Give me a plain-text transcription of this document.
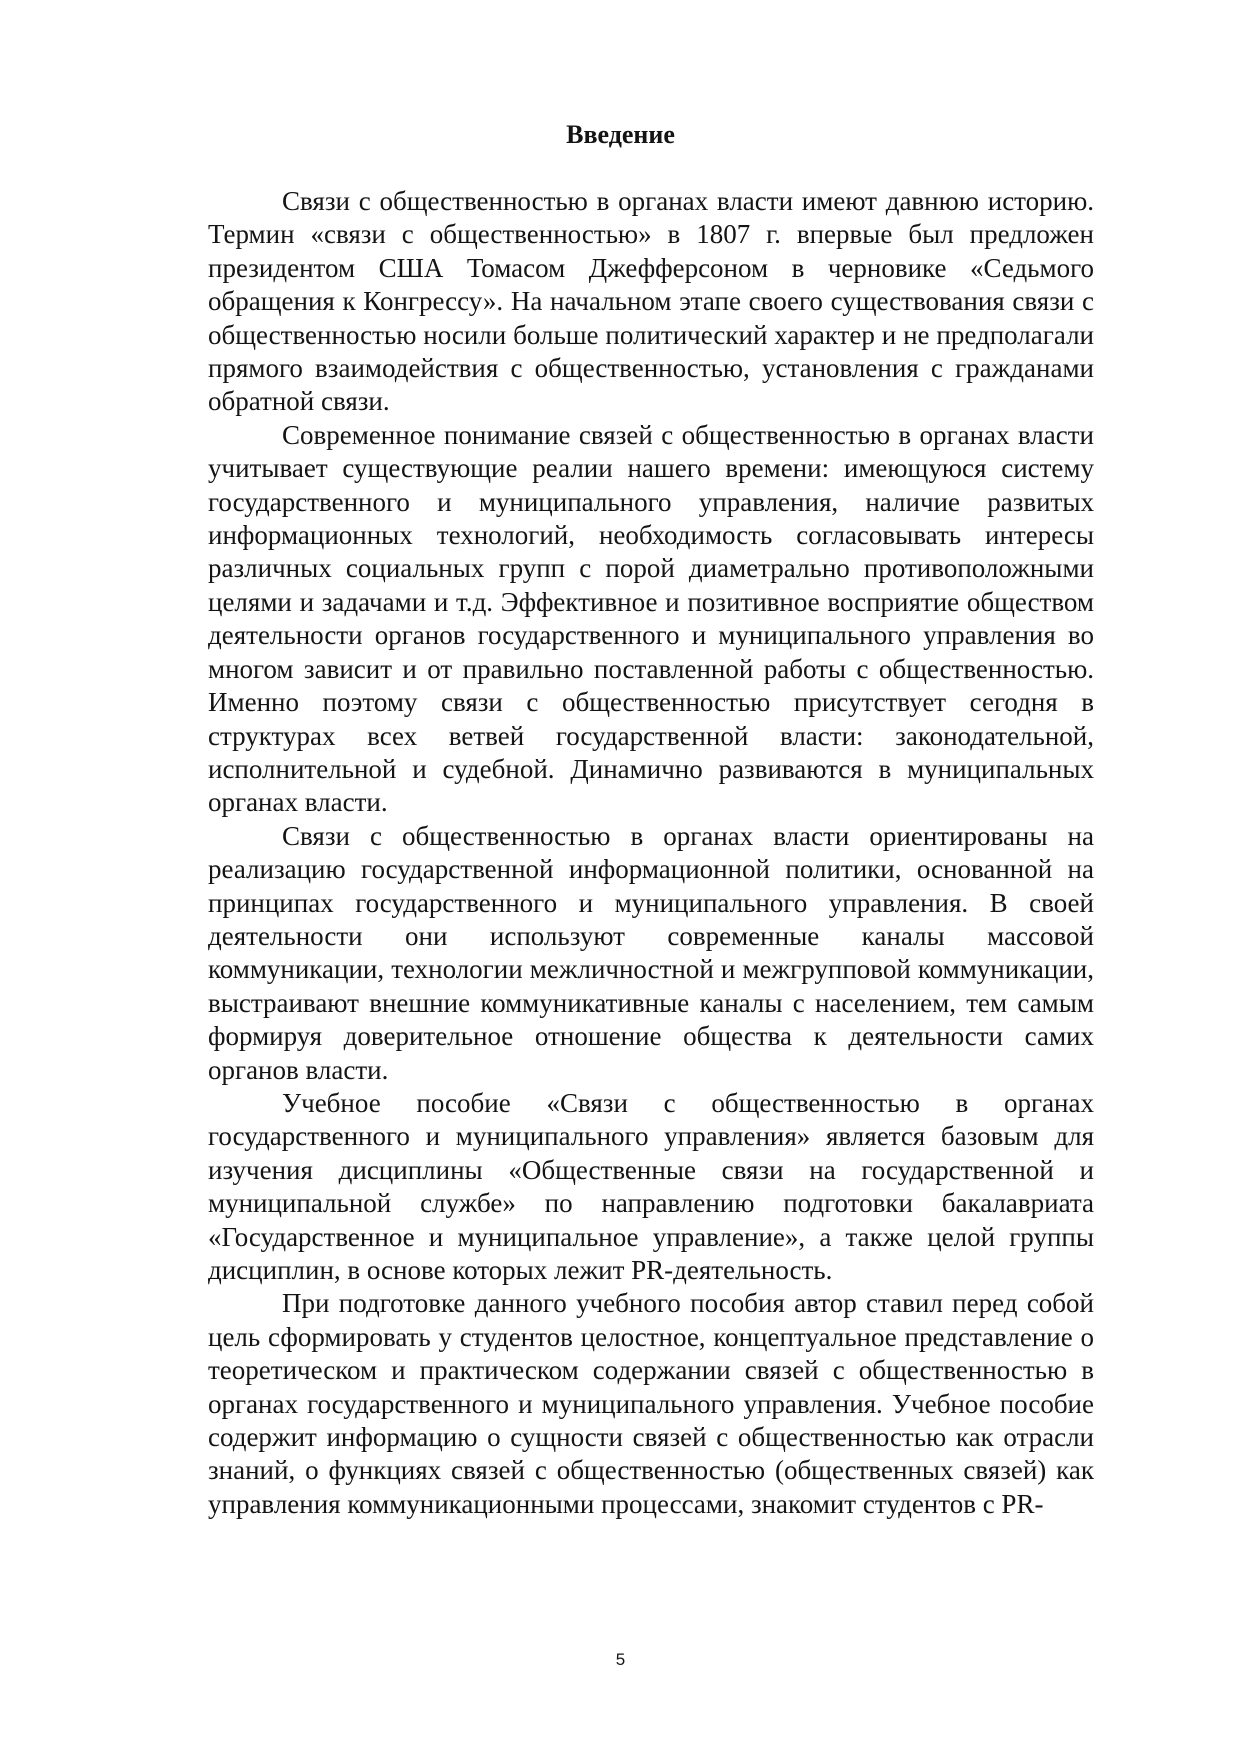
Введение

Связи с общественностью в органах власти имеют давнюю историю. Термин «связи с общественностью» в 1807 г. впервые был предложен президентом США Томасом Джефферсоном в черновике «Седьмого обращения к Конгрессу». На начальном этапе своего существования связи с общественностью носили больше политический характер и не предполагали прямого взаимодействия с общественностью, установления с гражданами обратной связи.

Современное понимание связей с общественностью в органах власти учитывает существующие реалии нашего времени: имеющуюся систему государственного и муниципального управления, наличие развитых информационных технологий, необходимость согласовывать интересы различных социальных групп с порой диаметрально противоположными целями и задачами и т.д. Эффективное и позитивное восприятие обществом деятельности органов государственного и муниципального управления во многом зависит и от правильно поставленной работы с общественностью. Именно поэтому связи с общественностью присутствует сегодня в структурах всех ветвей государственной власти: законодательной, исполнительной и судебной. Динамично развиваются в муниципальных органах власти.

Связи с общественностью в органах власти ориентированы на реализацию государственной информационной политики, основанной на принципах государственного и муниципального управления. В своей деятельности они используют современные каналы массовой коммуникации, технологии межличностной и межгрупповой коммуникации, выстраивают внешние коммуникативные каналы с населением, тем самым формируя доверительное отношение общества к деятельности самих органов власти.

Учебное пособие «Связи с общественностью в органах государственного и муниципального управления» является базовым для изучения дисциплины «Общественные связи на государственной и муниципальной службе» по направлению подготовки бакалавриата «Государственное и муниципальное управление», а также целой группы дисциплин, в основе которых лежит PR-деятельность.

При подготовке данного учебного пособия автор ставил перед собой цель сформировать у студентов целостное, концептуальное представление о теоретическом и практическом содержании связей с общественностью в органах государственного и муниципального управления. Учебное пособие содержит информацию о сущности связей с общественностью как отрасли знаний, о функциях связей с общественностью (общественных связей) как управления коммуникационными процессами, знакомит студентов с PR-

5
